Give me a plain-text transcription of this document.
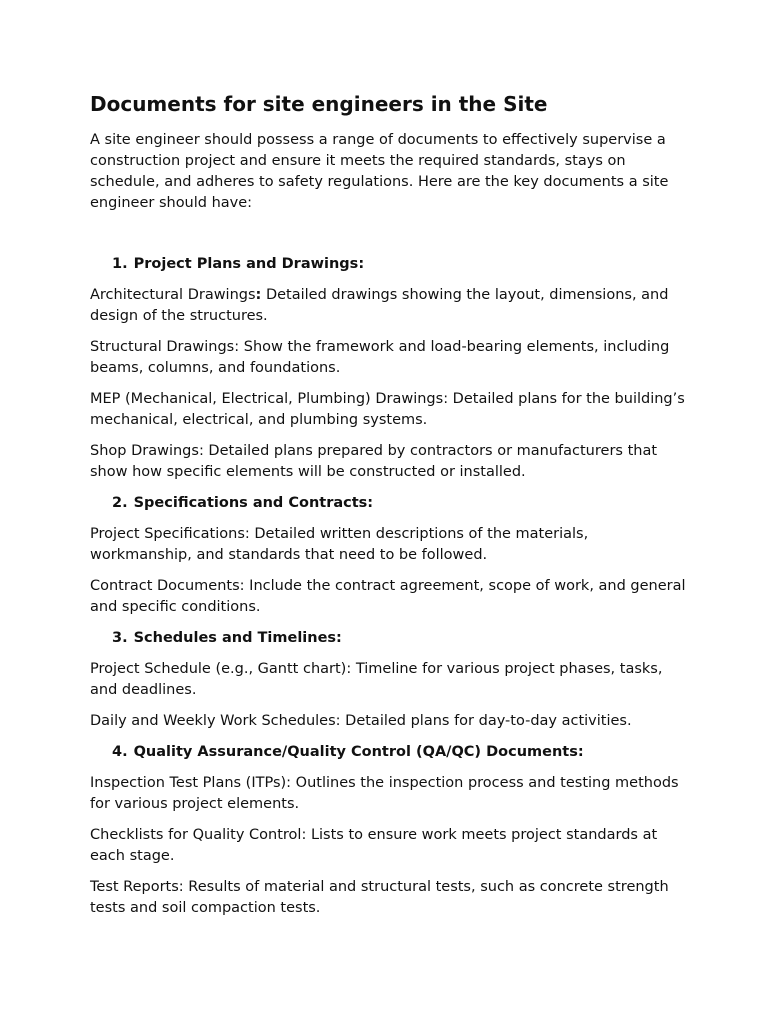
Documents for site engineers in the Site

A site engineer should possess a range of documents to effectively supervise a construction project and ensure it meets the required standards, stays on schedule, and adheres to safety regulations. Here are the key documents a site engineer should have:

1. Project Plans and Drawings:

Architectural Drawings: Detailed drawings showing the layout, dimensions, and design of the structures.

Structural Drawings: Show the framework and load-bearing elements, including beams, columns, and foundations.

MEP (Mechanical, Electrical, Plumbing) Drawings: Detailed plans for the building’s mechanical, electrical, and plumbing systems.

Shop Drawings: Detailed plans prepared by contractors or manufacturers that show how specific elements will be constructed or installed.

2. Specifications and Contracts:

Project Specifications: Detailed written descriptions of the materials, workmanship, and standards that need to be followed.

Contract Documents: Include the contract agreement, scope of work, and general and specific conditions.

3. Schedules and Timelines:

Project Schedule (e.g., Gantt chart): Timeline for various project phases, tasks, and deadlines.

Daily and Weekly Work Schedules: Detailed plans for day-to-day activities.

4. Quality Assurance/Quality Control (QA/QC) Documents:

Inspection Test Plans (ITPs): Outlines the inspection process and testing methods for various project elements.

Checklists for Quality Control: Lists to ensure work meets project standards at each stage.

Test Reports: Results of material and structural tests, such as concrete strength tests and soil compaction tests.
